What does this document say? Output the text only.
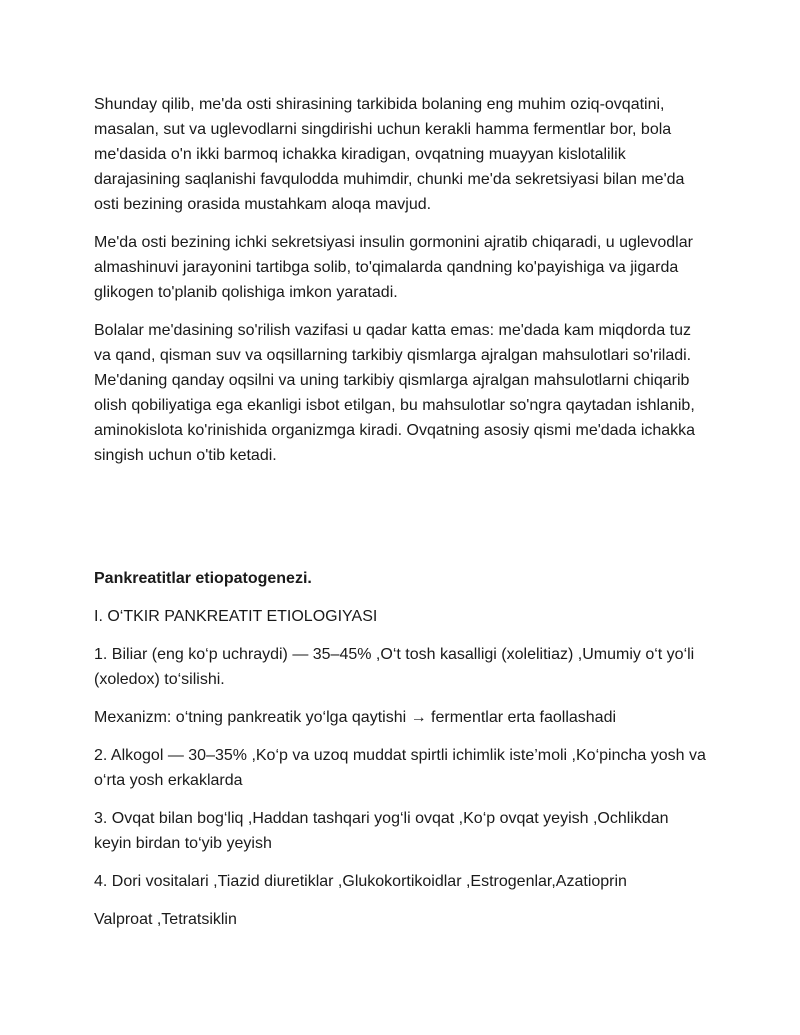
Shunday qilib, me'da osti shirasining tarkibida bolaning eng muhim oziq-ovqatini, masalan, sut va uglevodlarni singdirishi uchun kerakli hamma fermentlar bor, bola me'dasida o'n ikki barmoq ichakka kiradigan, ovqatning muayyan kislotalilik darajasining saqlanishi favqulodda muhimdir, chunki me'da sekretsiyasi bilan me'da osti bezining orasida mustahkam aloqa mavjud.

Me'da osti bezining ichki sekretsiyasi insulin gormonini ajratib chiqaradi, u uglevodlar almashinuvi jarayonini tartibga solib, to'qimalarda qandning ko'payishiga va jigarda glikogen to'planib qolishiga imkon yaratadi.

Bolalar me'dasining so'rilish vazifasi u qadar katta emas: me'dada kam miqdorda tuz va qand, qisman suv va oqsillarning tarkibiy qismlarga ajralgan mahsulotlari so'riladi. Me'daning qanday oqsilni va uning tarkibiy qismlarga ajralgan mahsulotlarni chiqarib olish qobiliyatiga ega ekanligi isbot etilgan, bu mahsulotlar so'ngra qaytadan ishlanib, aminokislota ko'rinishida organizmga kiradi. Ovqatning asosiy qismi me'dada ichakka singish uchun o'tib ketadi.

Pankreatitlar etiopatogenezi.

I. O‘TKIR PANKREATIT ETIOLOGIYASI

1. Biliar (eng ko‘p uchraydi) — 35–45% ,O‘t tosh kasalligi (xolelitiaz) ,Umumiy o‘t yo‘li (xoledox) to‘silishi.

Mexanizm: o‘tning pankreatik yo‘lga qaytishi → fermentlar erta faollashadi

2. Alkogol — 30–35% ,Ko‘p va uzoq muddat spirtli ichimlik iste’moli ,Ko‘pincha yosh va o‘rta yosh erkaklarda

3. Ovqat bilan bog‘liq ,Haddan tashqari yog‘li ovqat ,Ko‘p ovqat yeyish ,Ochlikdan keyin birdan to‘yib yeyish

4. Dori vositalari ,Tiazid diuretiklar ,Glukokortikoidlar ,Estrogenlar,Azatioprin

Valproat ,Tetratsiklin
